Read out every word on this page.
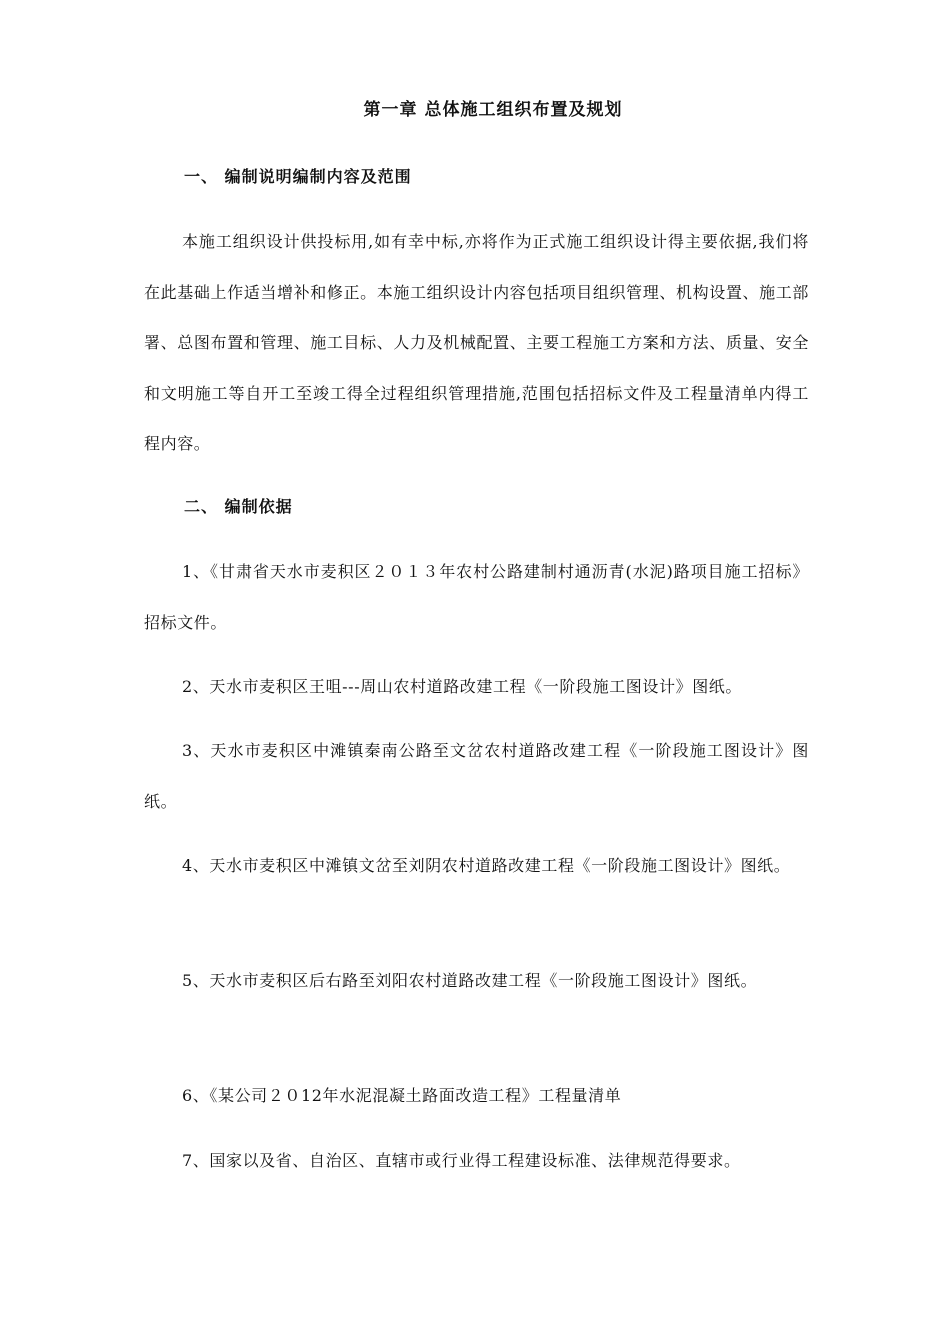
第一章 总体施工组织布置及规划
一、 编制说明编制内容及范围
本施工组织设计供投标用,如有幸中标,亦将作为正式施工组织设计得主要依据,我们将在此基础上作适当增补和修正。本施工组织设计内容包括项目组织管理、机构设置、施工部署、总图布置和管理、施工目标、人力及机械配置、主要工程施工方案和方法、质量、安全和文明施工等自开工至竣工得全过程组织管理措施,范围包括招标文件及工程量清单内得工程内容。
二、 编制依据
1、《甘肃省天水市麦积区２０１３年农村公路建制村通沥青(水泥)路项目施工招标》招标文件。
2、天水市麦积区王咀---周山农村道路改建工程《一阶段施工图设计》图纸。
3、天水市麦积区中滩镇秦南公路至文岔农村道路改建工程《一阶段施工图设计》图纸。
4、天水市麦积区中滩镇文岔至刘阴农村道路改建工程《一阶段施工图设计》图纸。
5、天水市麦积区后右路至刘阳农村道路改建工程《一阶段施工图设计》图纸。
6、《某公司２０12年水泥混凝土路面改造工程》工程量清单
7、国家以及省、自治区、直辖市或行业得工程建设标准、法律规范得要求。
